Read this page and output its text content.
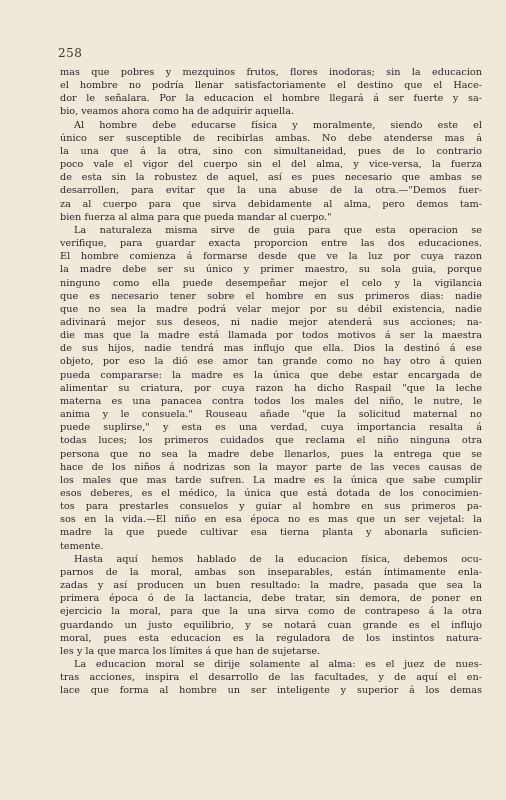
258

mas que pobres y mezquinos frutos, flores inodoras; sin la educacion

el hombre no podría llenar satisfactoriamente el destino que el Hace-

dor le señalara. Por la educacion el hombre llegará á ser fuerte y sa-

bio, veamos ahora como ha de adquirir aquella.

Al hombre debe educarse física y moralmente, siendo este el

único ser susceptible de recibirlas ambas. No debe atenderse mas á

la una que á la otra, sino con simultaneidad, pues de lo contrario

poco vale el vigor del cuerpo sin el del alma, y vice-versa, la fuerza

de esta sin la robustez de aquel, así es pues necesario que ambas se

desarrollen, para evitar que la una abuse de la otra.—"Demos fuer-

za al cuerpo para que sirva debidamente al alma, pero demos tam-

bien fuerza al alma para que pueda mandar al cuerpo."

La naturaleza misma sirve de guia para que esta operacion se

verifique, para guardar exacta proporcion entre las dos educaciones.

El hombre comienza á formarse desde que ve la luz por cuya razon

la madre debe ser su único y primer maestro, su sola guia, porque

ninguno como ella puede desempeñar mejor el celo y la vigilancia

que es necesario tener sobre el hombre en sus primeros dias: nadie

que no sea la madre podrá velar mejor por su débil existencia, nadie

adivinará mejor sus deseos, ni nadie mejor atenderá sus acciones; na-

die mas que la madre está llamada por todos motivos á ser la maestra

de sus hijos, nadie tendrá mas influjo que ella. Dios la destinó á ese

objeto, por eso la dió ese amor tan grande como no hay otro á quien

pueda compararse: la madre es la única que debe estar encargada de

alimentar su criatura, por cuya razon ha dicho Raspail "que la leche

materna es una panacea contra todos los males del niño, le nutre, le

anima y le consuela." Rouseau añade "que la solicitud maternal no

puede suplirse," y esta es una verdad, cuya importancia resalta á

todas luces; los primeros cuidados que reclama el niño ninguna otra

persona que no sea la madre debe llenarlos, pues la entrega que se

hace de los niños á nodrizas son la mayor parte de las veces causas de

los males que mas tarde sufren. La madre es la única que sabe cumplir

esos deberes, es el médico, la única que está dotada de los conocimien-

tos para prestarles consuelos y guiar al hombre en sus primeros pa-

sos en la vida.—El niño en esa época no es mas que un ser vejetal: la

madre la que puede cultivar esa tierna planta y abonarla suficien-

temente.

Hasta aquí hemos hablado de la educacion física, debemos ocu-

parnos de la moral, ambas son inseparables, están íntimamente enla-

zadas y así producen un buen resultado: la madre, pasada que sea la

primera época ó de la lactancia, debe tratar, sin demora, de poner en

ejercicio la moral, para que la una sirva como de contrapeso á la otra

guardando un justo equilibrio, y se notará cuan grande es el influjo

moral, pues esta educacion es la reguladora de los instintos natura-

les y la que marca los límites á que han de sujetarse.

La educacion moral se dirije solamente al alma: es el juez de nues-

tras acciones, inspira el desarrollo de las facultades, y de aquí el en-

lace que forma al hombre un ser inteligente y superior á los demas
